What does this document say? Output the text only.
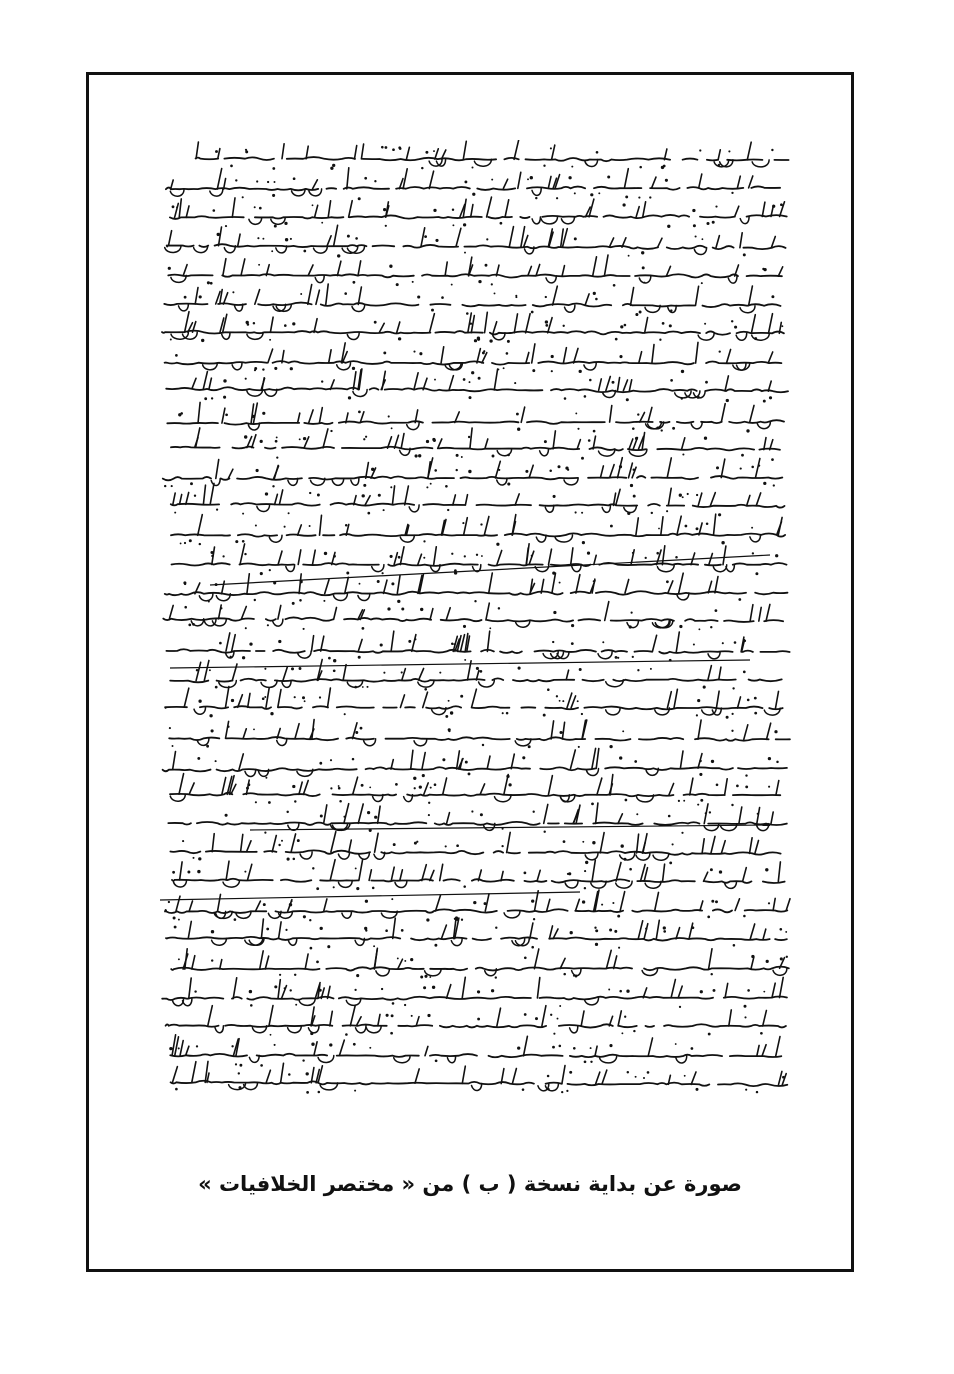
صورة عن بداية نسخة ( ب ) من « مختصر الخلافيات »
